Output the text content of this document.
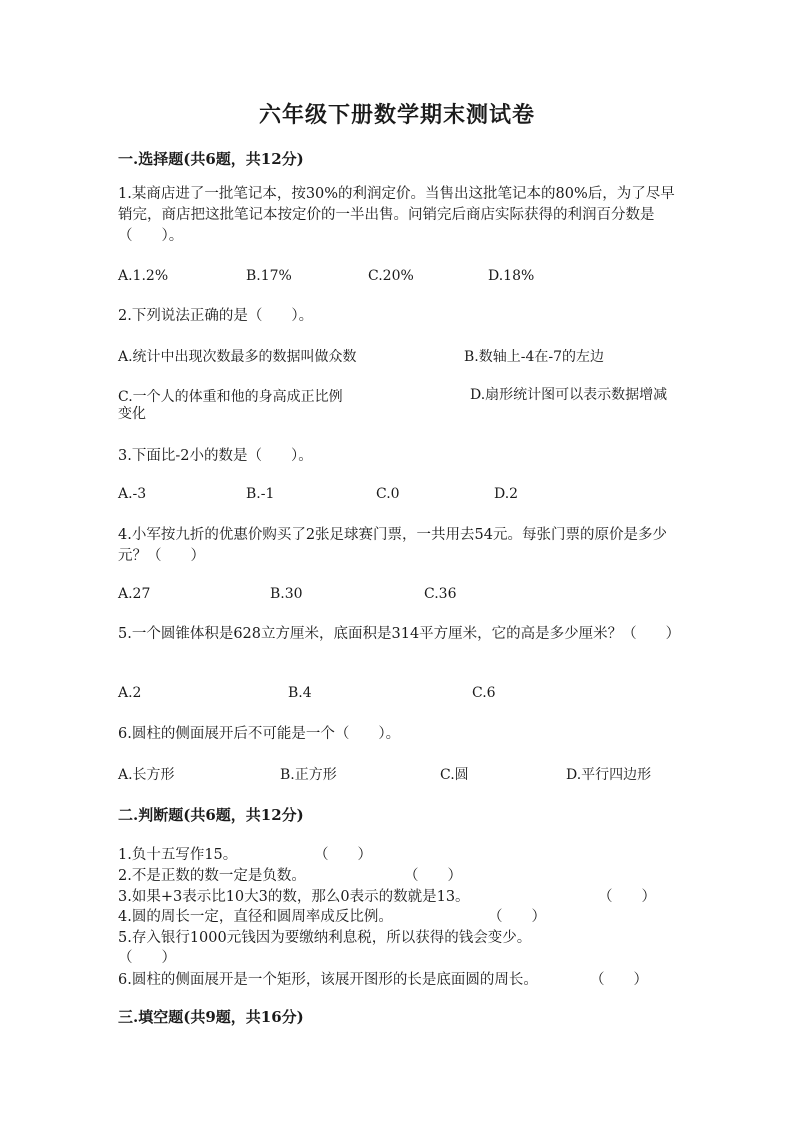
六年级下册数学期末测试卷
一.选择题(共6题，共12分)
1.某商店进了一批笔记本，按30%的利润定价。当售出这批笔记本的80%后，为了尽早销完，商店把这批笔记本按定价的一半出售。问销完后商店实际获得的利润百分数是（　　）。
A.1.2%	B.17%	C.20%	D.18%
2.下列说法正确的是（　　）。
A.统计中出现次数最多的数据叫做众数	B.数轴上-4在-7的左边
C.一个人的体重和他的身高成正比例	D.扇形统计图可以表示数据增减变化
3.下面比-2小的数是（　　）。
A.-3	B.-1	C.0	D.2
4.小军按九折的优惠价购买了2张足球赛门票，一共用去54元。每张门票的原价是多少元？（　　）
A.27	B.30	C.36
5.一个圆锥体积是628立方厘米，底面积是314平方厘米，它的高是多少厘米？（　　）
A.2	B.4	C.6
6.圆柱的侧面展开后不可能是一个（　　）。
A.长方形	B.正方形	C.圆	D.平行四边形
二.判断题(共6题，共12分)
1.负十五写作15。	（　　）
2.不是正数的数一定是负数。	（　　）
3.如果+3表示比10大3的数，那么0表示的数就是13。	（　　）
4.圆的周长一定，直径和圆周率成反比例。	（　　）
5.存入银行1000元钱因为要缴纳利息税，所以获得的钱会变少。
（　　）
6.圆柱的侧面展开是一个矩形，该展开图形的长是底面圆的周长。	（　　）
三.填空题(共9题，共16分)
